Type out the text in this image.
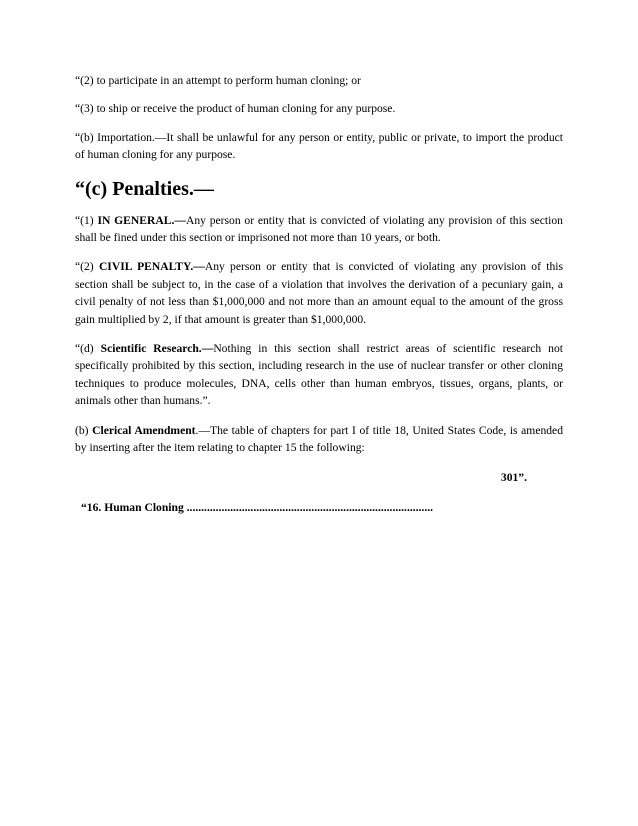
“(2) to participate in an attempt to perform human cloning; or

“(3) to ship or receive the product of human cloning for any purpose.

“(b) Importation.—It shall be unlawful for any person or entity, public or private, to import the product of human cloning for any purpose.

“(c) Penalties.—

“(1) IN GENERAL.—Any person or entity that is convicted of violating any provision of this section shall be fined under this section or imprisoned not more than 10 years, or both.

“(2) CIVIL PENALTY.—Any person or entity that is convicted of violating any provision of this section shall be subject to, in the case of a violation that involves the derivation of a pecuniary gain, a civil penalty of not less than $1,000,000 and not more than an amount equal to the amount of the gross gain multiplied by 2, if that amount is greater than $1,000,000.

“(d) Scientific Research.—Nothing in this section shall restrict areas of scientific research not specifically prohibited by this section, including research in the use of nuclear transfer or other cloning techniques to produce molecules, DNA, cells other than human embryos, tissues, organs, plants, or animals other than humans.”.

(b) Clerical Amendment.—The table of chapters for part I of title 18, United States Code, is amended by inserting after the item relating to chapter 15 the following:

301”.

“16. Human Cloning .....................................................................................
